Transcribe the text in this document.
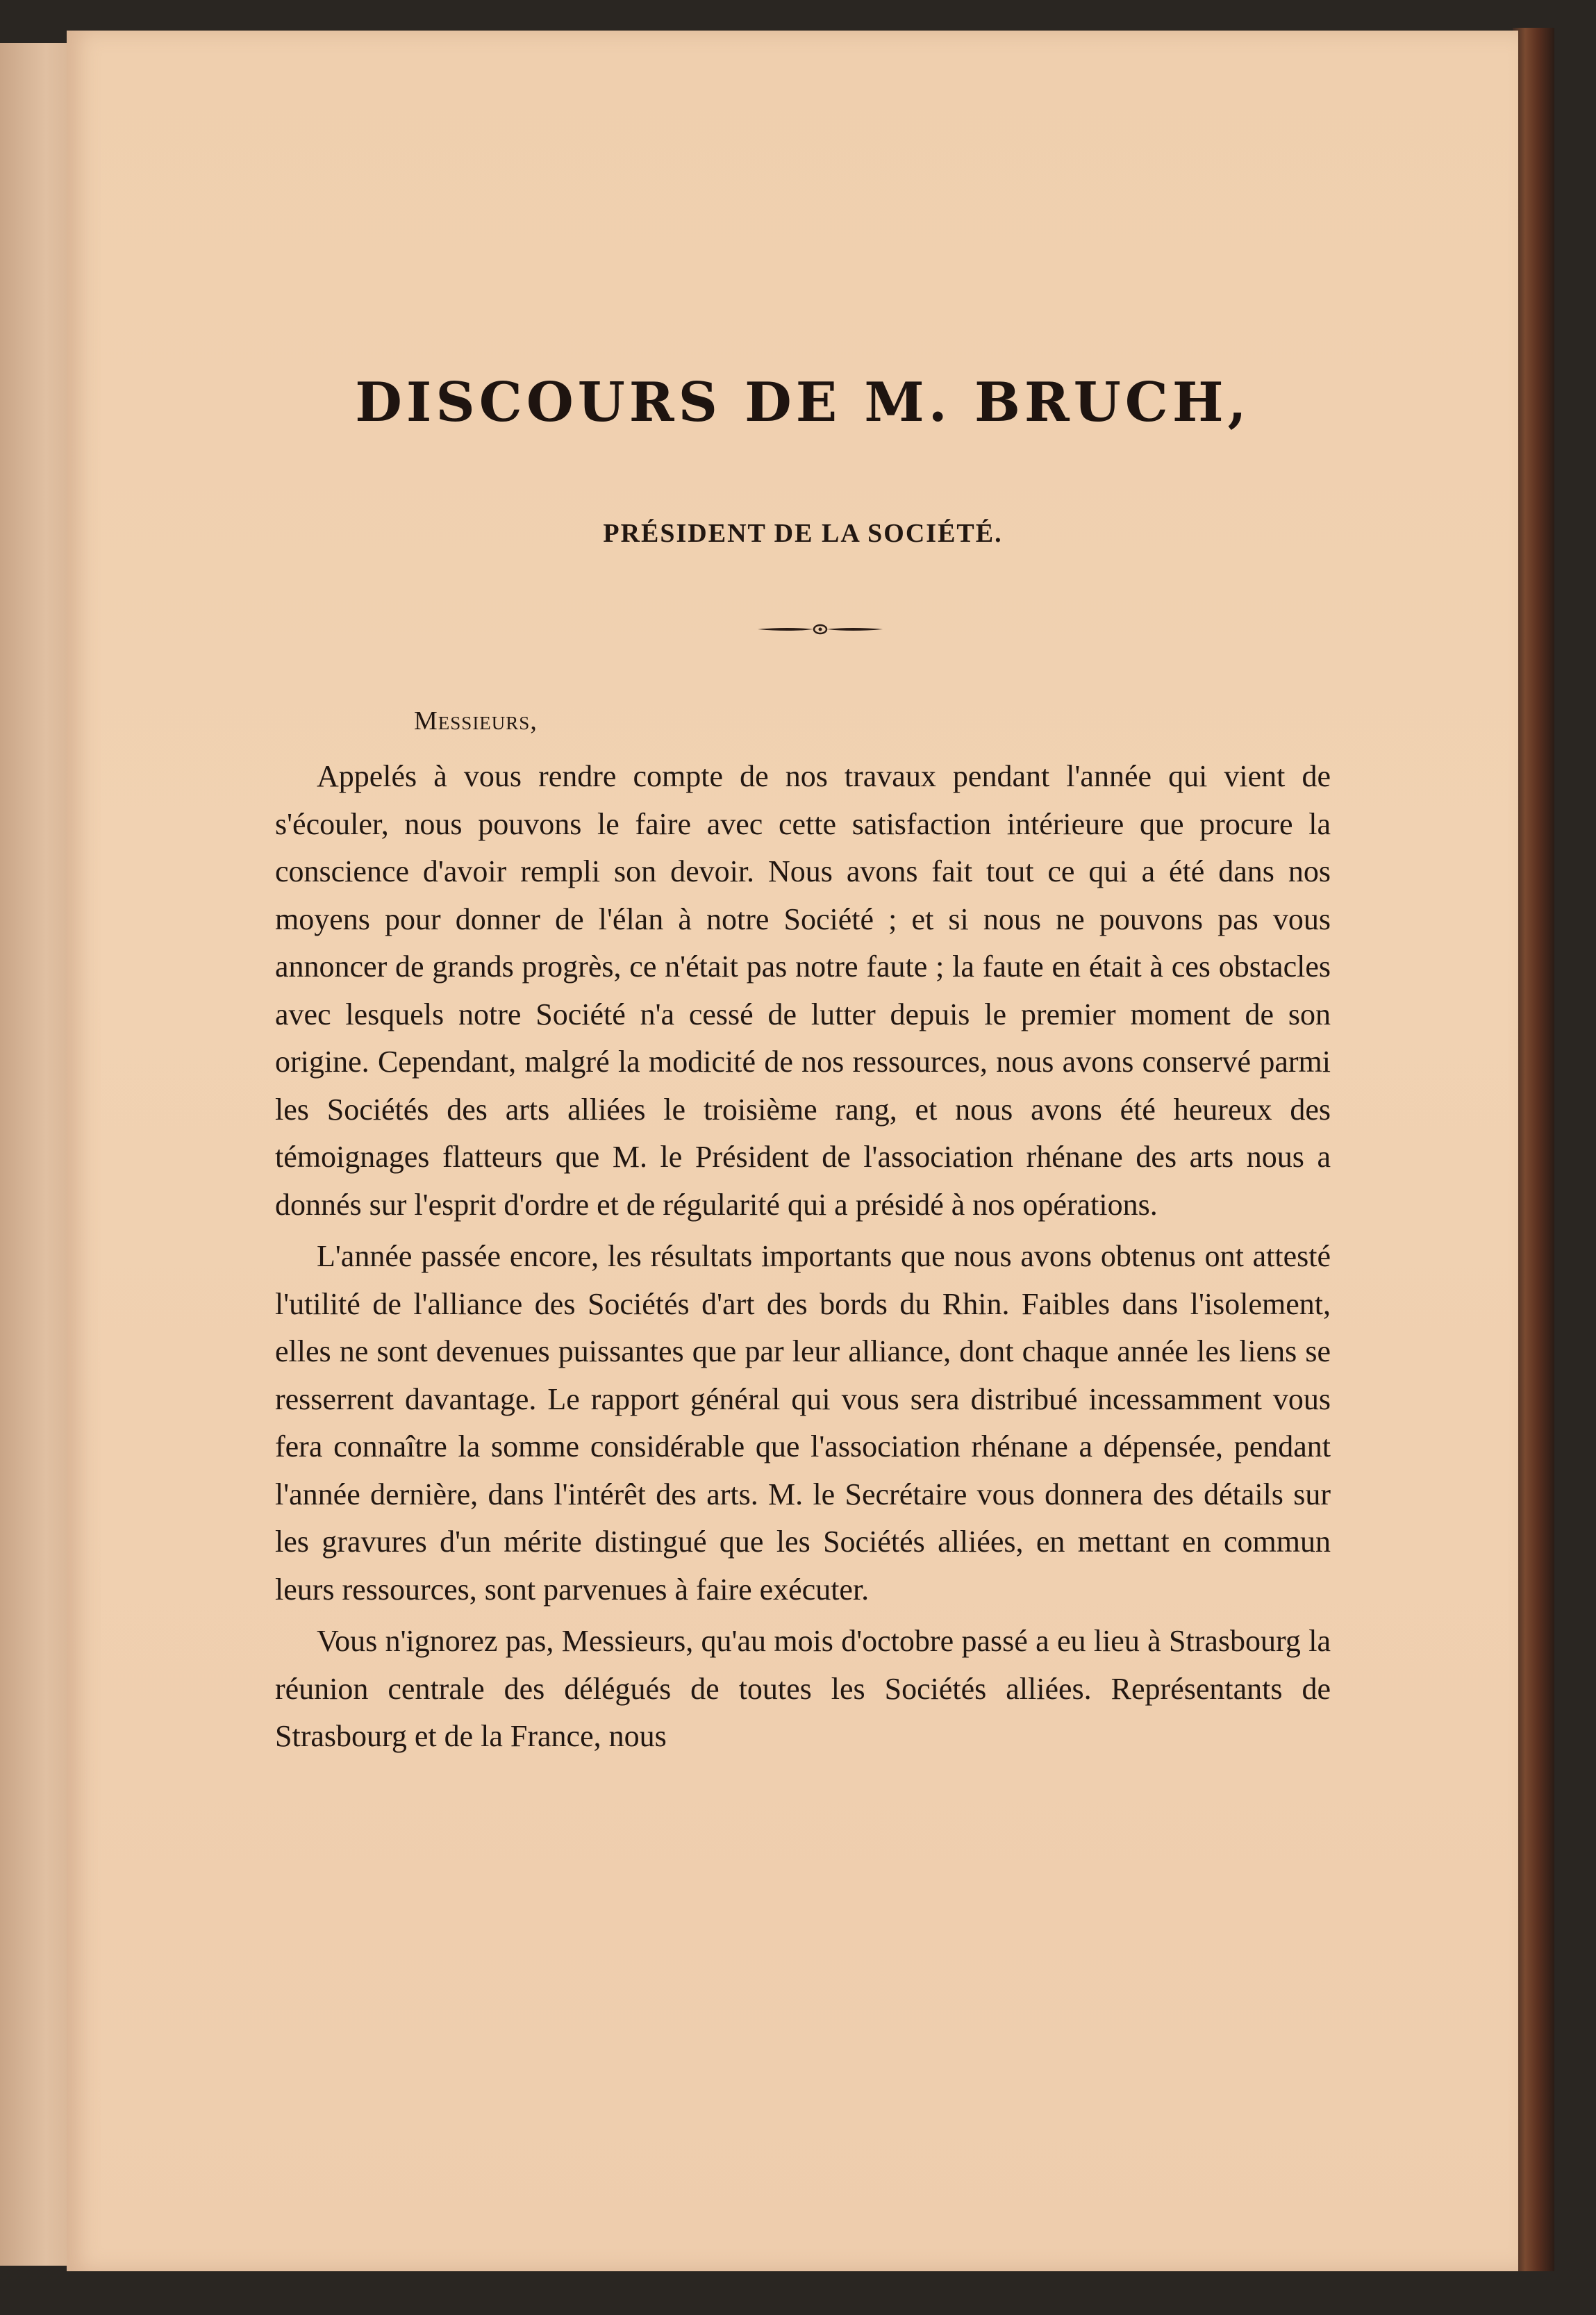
DISCOURS DE M. BRUCH,
PRÉSIDENT DE LA SOCIÉTÉ.
Messieurs,

Appelés à vous rendre compte de nos travaux pendant l'année qui vient de s'écouler, nous pouvons le faire avec cette satisfaction intérieure que procure la conscience d'avoir rempli son devoir. Nous avons fait tout ce qui a été dans nos moyens pour donner de l'élan à notre Société ; et si nous ne pouvons pas vous annoncer de grands progrès, ce n'était pas notre faute ; la faute en était à ces obstacles avec lesquels notre Société n'a cessé de lutter depuis le premier moment de son origine. Cependant, malgré la modicité de nos ressources, nous avons conservé parmi les Sociétés des arts alliées le troisième rang, et nous avons été heureux des témoignages flatteurs que M. le Président de l'association rhénane des arts nous a donnés sur l'esprit d'ordre et de régularité qui a présidé à nos opérations.

L'année passée encore, les résultats importants que nous avons obtenus ont attesté l'utilité de l'alliance des Sociétés d'art des bords du Rhin. Faibles dans l'isolement, elles ne sont devenues puissantes que par leur alliance, dont chaque année les liens se resserrent davantage. Le rapport général qui vous sera distribué incessamment vous fera connaître la somme considérable que l'association rhénane a dépensée, pendant l'année dernière, dans l'intérêt des arts. M. le Secrétaire vous donnera des détails sur les gravures d'un mérite distingué que les Sociétés alliées, en mettant en commun leurs ressources, sont parvenues à faire exécuter.

Vous n'ignorez pas, Messieurs, qu'au mois d'octobre passé a eu lieu à Strasbourg la réunion centrale des délégués de toutes les Sociétés alliées. Représentants de Strasbourg et de la France, nous
